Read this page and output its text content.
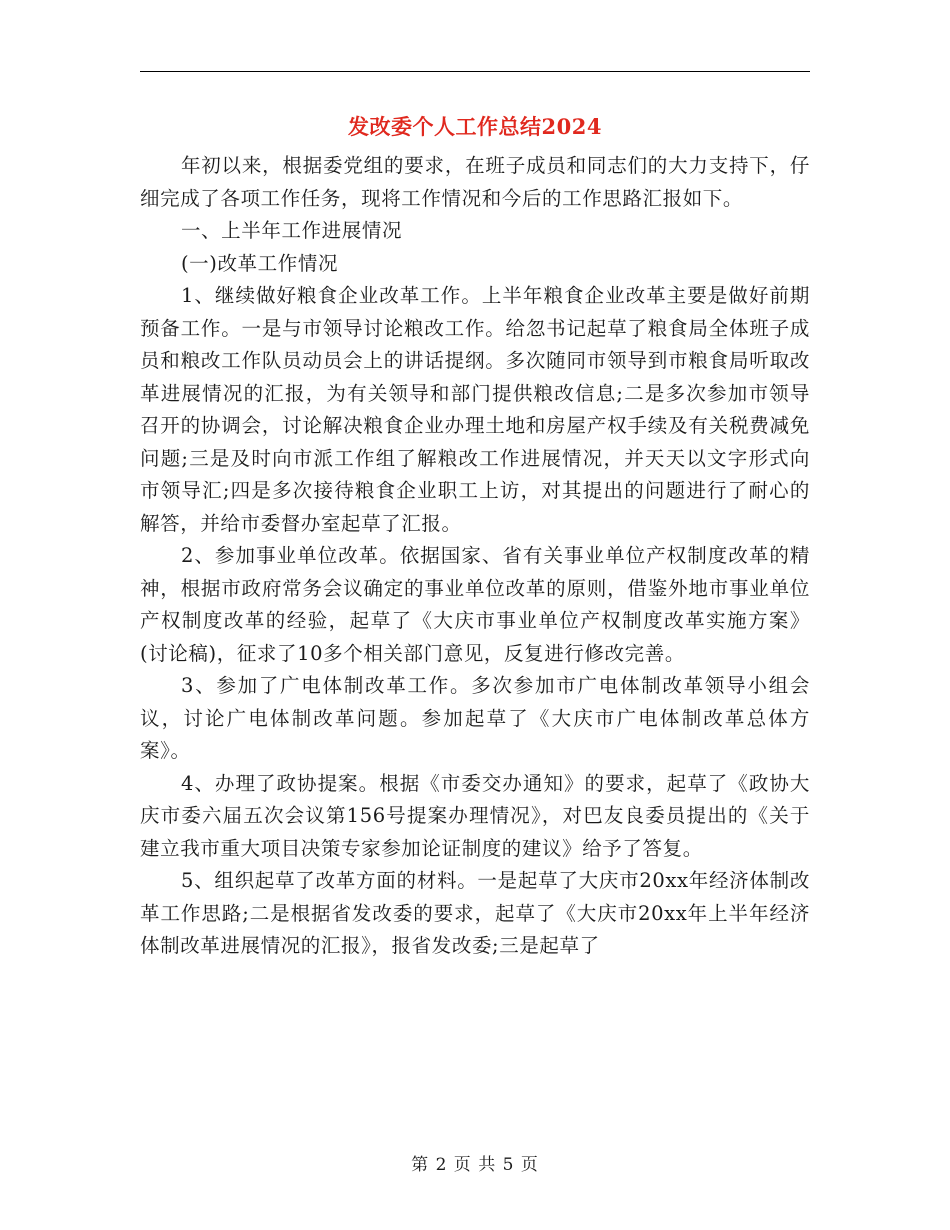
发改委个人工作总结2024

年初以来，根据委党组的要求，在班子成员和同志们的大力支持下，仔细完成了各项工作任务，现将工作情况和今后的工作思路汇报如下。

一、上半年工作进展情况

(一)改革工作情况

1、继续做好粮食企业改革工作。上半年粮食企业改革主要是做好前期预备工作。一是与市领导讨论粮改工作。给忽书记起草了粮食局全体班子成员和粮改工作队员动员会上的讲话提纲。多次随同市领导到市粮食局听取改革进展情况的汇报，为有关领导和部门提供粮改信息;二是多次参加市领导召开的协调会，讨论解决粮食企业办理土地和房屋产权手续及有关税费减免问题;三是及时向市派工作组了解粮改工作进展情况，并天天以文字形式向市领导汇;四是多次接待粮食企业职工上访，对其提出的问题进行了耐心的解答，并给市委督办室起草了汇报。

2、参加事业单位改革。依据国家、省有关事业单位产权制度改革的精神，根据市政府常务会议确定的事业单位改革的原则，借鉴外地市事业单位产权制度改革的经验，起草了《大庆市事业单位产权制度改革实施方案》(讨论稿)，征求了10多个相关部门意见，反复进行修改完善。

3、参加了广电体制改革工作。多次参加市广电体制改革领导小组会议，讨论广电体制改革问题。参加起草了《大庆市广电体制改革总体方案》。

4、办理了政协提案。根据《市委交办通知》的要求，起草了《政协大庆市委六届五次会议第156号提案办理情况》，对巴友良委员提出的《关于建立我市重大项目决策专家参加论证制度的建议》给予了答复。

5、组织起草了改革方面的材料。一是起草了大庆市20xx年经济体制改革工作思路;二是根据省发改委的要求，起草了《大庆市20xx年上半年经济体制改革进展情况的汇报》，报省发改委;三是起草了

第 2 页 共 5 页
